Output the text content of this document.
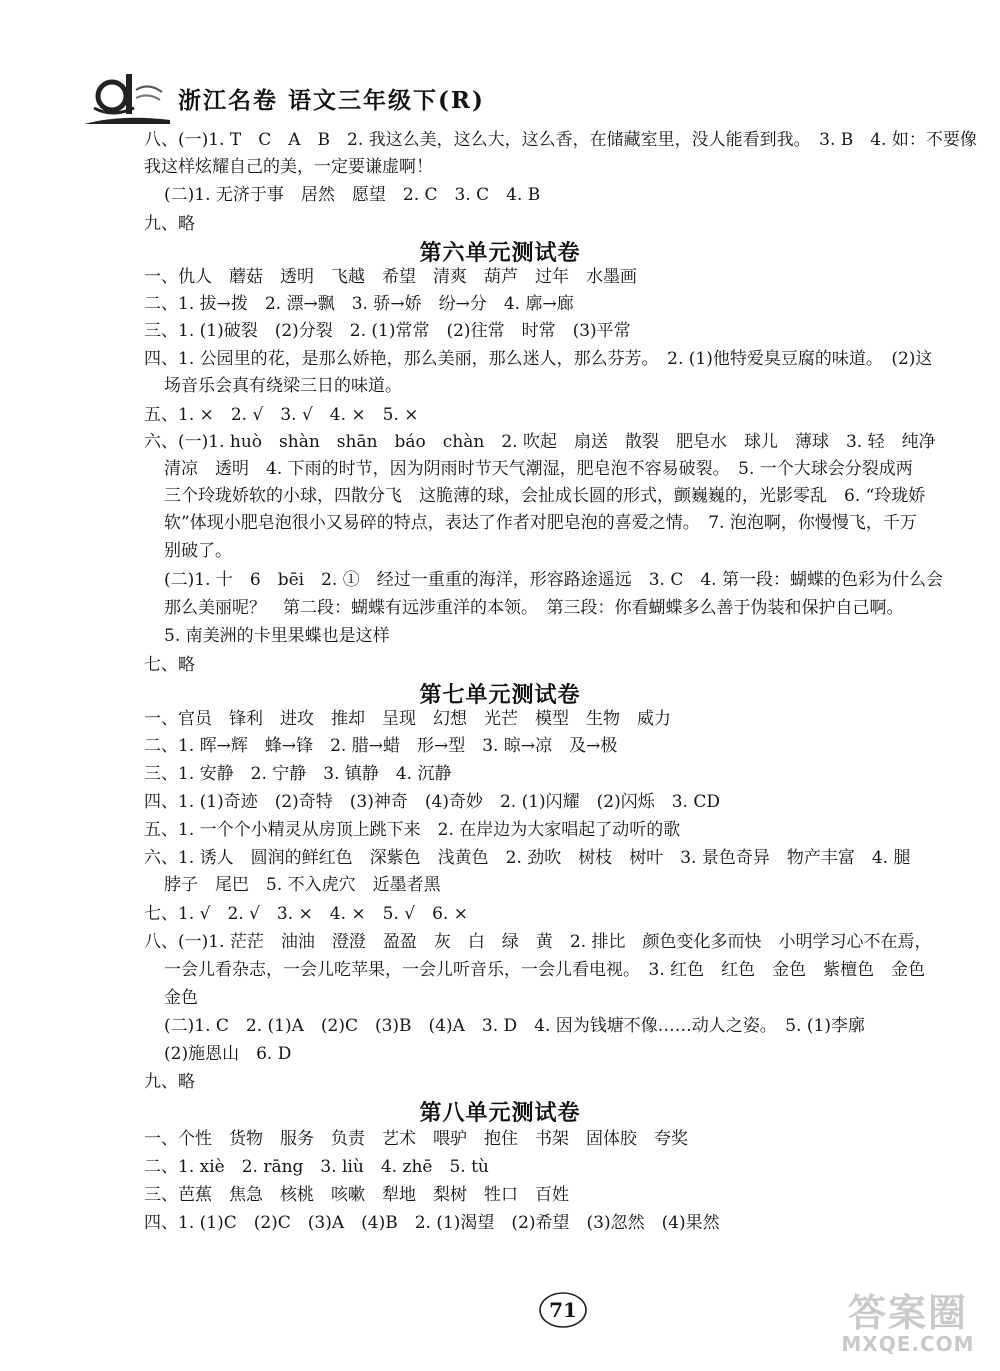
浙江名卷 语文三年级下(R)
八、(一)1. T　C　A　B　2. 我这么美，这么大，这么香，在储藏室里，没人能看到我。　3. B　4. 如：不要像
我这样炫耀自己的美，一定要谦虚啊！
(二)1. 无济于事　居然　愿望　2. C　3. C　4. B
九、略
第六单元测试卷
一、仇人　蘑菇　透明　飞越　希望　清爽　葫芦　过年　水墨画
二、1. 拔→拨　2. 漂→飘　3. 骄→娇　纷→分　4. 廓→廊
三、1. (1)破裂　(2)分裂　2. (1)常常　(2)往常　时常　(3)平常
四、1. 公园里的花，是那么娇艳，那么美丽，那么迷人，那么芬芳。　2. (1)他特爱臭豆腐的味道。　(2)这
场音乐会真有绕梁三日的味道。
五、1. ×　2. √　3. √　4. ×　5. ×
六、(一)1. huò　shàn　shān　báo　chàn　2. 吹起　扇送　散裂　肥皂水　球儿　薄球　3. 轻　纯净
清凉　透明　4. 下雨的时节，因为阴雨时节天气潮湿，肥皂泡不容易破裂。　5. 一个大球会分裂成两
三个玲珑娇软的小球，四散分飞　这脆薄的球，会扯成长圆的形式，颤巍巍的，光影零乱　6. “玲珑娇
软”体现小肥皂泡很小又易碎的特点，表达了作者对肥皂泡的喜爱之情。　7. 泡泡啊，你慢慢飞，千万
别破了。
(二)1. 十　6　bēi　2. ①　经过一重重的海洋，形容路途遥远　3. C　4. 第一段：蝴蝶的色彩为什么会
那么美丽呢？　第二段：蝴蝶有远涉重洋的本领。　第三段：你看蝴蝶多么善于伪装和保护自己啊。
5. 南美洲的卡里果蝶也是这样
七、略
第七单元测试卷
一、官员　锋利　进攻　推却　呈现　幻想　光芒　模型　生物　威力
二、1. 晖→辉　蜂→锋　2. 腊→蜡　形→型　3. 晾→凉　及→极
三、1. 安静　2. 宁静　3. 镇静　4. 沉静
四、1. (1)奇迹　(2)奇特　(3)神奇　(4)奇妙　2. (1)闪耀　(2)闪烁　3. CD
五、1. 一个个小精灵从房顶上跳下来　2. 在岸边为大家唱起了动听的歌
六、1. 诱人　圆润的鲜红色　深紫色　浅黄色　2. 劲吹　树枝　树叶　3. 景色奇异　物产丰富　4. 腿
脖子　尾巴　5. 不入虎穴　近墨者黑
七、1. √　2. √　3. ×　4. ×　5. √　6. ×
八、(一)1. 茫茫　油油　澄澄　盈盈　灰　白　绿　黄　2. 排比　颜色变化多而快　小明学习心不在焉，
一会儿看杂志，一会儿吃苹果，一会儿听音乐，一会儿看电视。　3. 红色　红色　金色　紫檀色　金色
金色
(二)1. C　2. (1)A　(2)C　(3)B　(4)A　3. D　4. 因为钱塘不像……动人之姿。　5. (1)李廓
(2)施恩山　6. D
九、略
第八单元测试卷
一、个性　货物　服务　负责　艺术　喂驴　抱住　书架　固体胶　夸奖
二、1. xiè　2. rāng　3. liù　4. zhē　5. tù
三、芭蕉　焦急　核桃　咳嗽　犁地　梨树　牲口　百姓
四、1. (1)C　(2)C　(3)A　(4)B　2. (1)渴望　(2)希望　(3)忽然　(4)果然
71	答案圈
MXQE.COM
